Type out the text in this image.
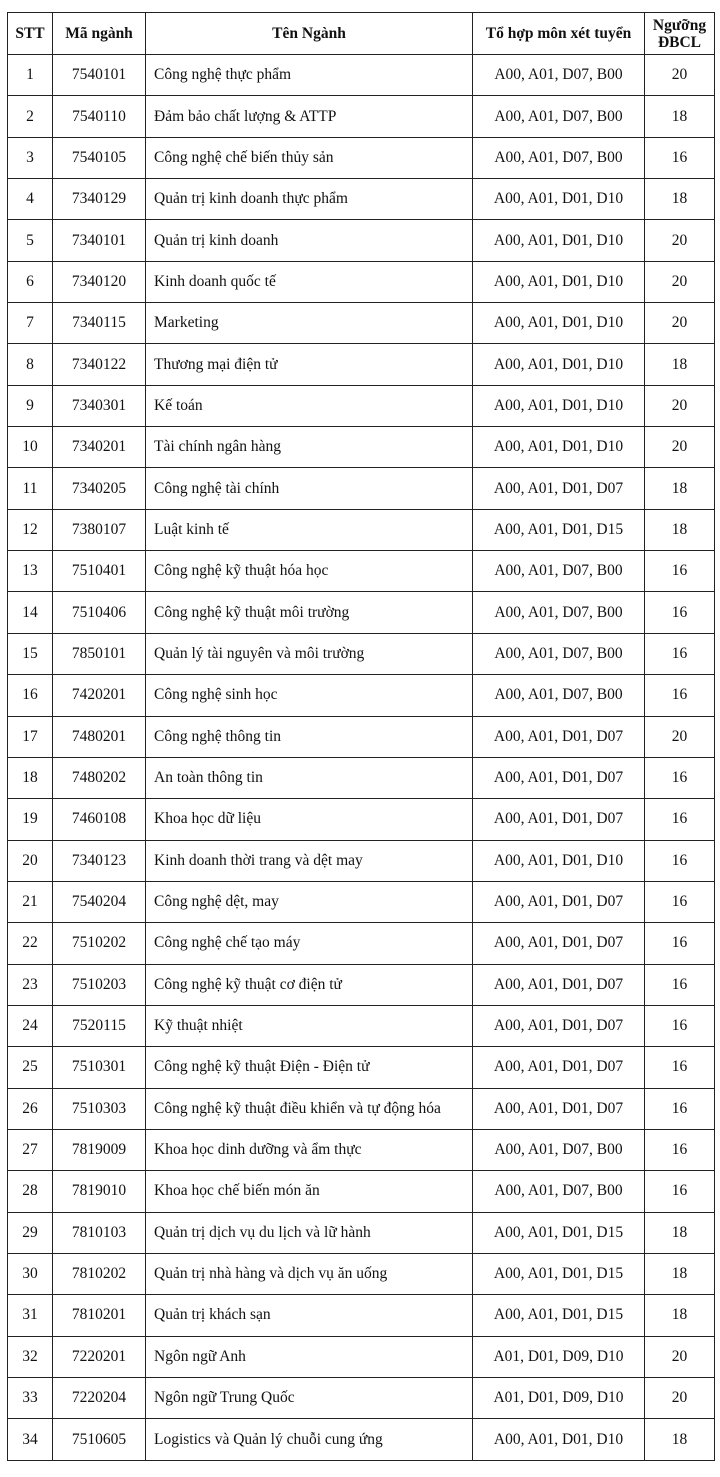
STT	Mã ngành	Tên Ngành	Tổ hợp môn xét tuyển	Ngưỡng ĐBCL
1	7540101	Công nghệ thực phẩm	A00, A01, D07, B00	20
2	7540110	Đảm bảo chất lượng & ATTP	A00, A01, D07, B00	18
3	7540105	Công nghệ chế biến thủy sản	A00, A01, D07, B00	16
4	7340129	Quản trị kinh doanh thực phẩm	A00, A01, D01, D10	18
5	7340101	Quản trị kinh doanh	A00, A01, D01, D10	20
6	7340120	Kinh doanh quốc tế	A00, A01, D01, D10	20
7	7340115	Marketing	A00, A01, D01, D10	20
8	7340122	Thương mại điện tử	A00, A01, D01, D10	18
9	7340301	Kế toán	A00, A01, D01, D10	20
10	7340201	Tài chính ngân hàng	A00, A01, D01, D10	20
11	7340205	Công nghệ tài chính	A00, A01, D01, D07	18
12	7380107	Luật kinh tế	A00, A01, D01, D15	18
13	7510401	Công nghệ kỹ thuật hóa học	A00, A01, D07, B00	16
14	7510406	Công nghệ kỹ thuật môi trường	A00, A01, D07, B00	16
15	7850101	Quản lý tài nguyên và môi trường	A00, A01, D07, B00	16
16	7420201	Công nghệ sinh học	A00, A01, D07, B00	16
17	7480201	Công nghệ thông tin	A00, A01, D01, D07	20
18	7480202	An toàn thông tin	A00, A01, D01, D07	16
19	7460108	Khoa học dữ liệu	A00, A01, D01, D07	16
20	7340123	Kinh doanh thời trang và dệt may	A00, A01, D01, D10	16
21	7540204	Công nghệ dệt, may	A00, A01, D01, D07	16
22	7510202	Công nghệ chế tạo máy	A00, A01, D01, D07	16
23	7510203	Công nghệ kỹ thuật cơ điện tử	A00, A01, D01, D07	16
24	7520115	Kỹ thuật nhiệt	A00, A01, D01, D07	16
25	7510301	Công nghệ kỹ thuật Điện - Điện tử	A00, A01, D01, D07	16
26	7510303	Công nghệ kỹ thuật điều khiển và tự động hóa	A00, A01, D01, D07	16
27	7819009	Khoa học dinh dưỡng và ẩm thực	A00, A01, D07, B00	16
28	7819010	Khoa học chế biến món ăn	A00, A01, D07, B00	16
29	7810103	Quản trị dịch vụ du lịch và lữ hành	A00, A01, D01, D15	18
30	7810202	Quản trị nhà hàng và dịch vụ ăn uống	A00, A01, D01, D15	18
31	7810201	Quản trị khách sạn	A00, A01, D01, D15	18
32	7220201	Ngôn ngữ Anh	A01, D01, D09, D10	20
33	7220204	Ngôn ngữ Trung Quốc	A01, D01, D09, D10	20
34	7510605	Logistics và Quản lý chuỗi cung ứng	A00, A01, D01, D10	18
